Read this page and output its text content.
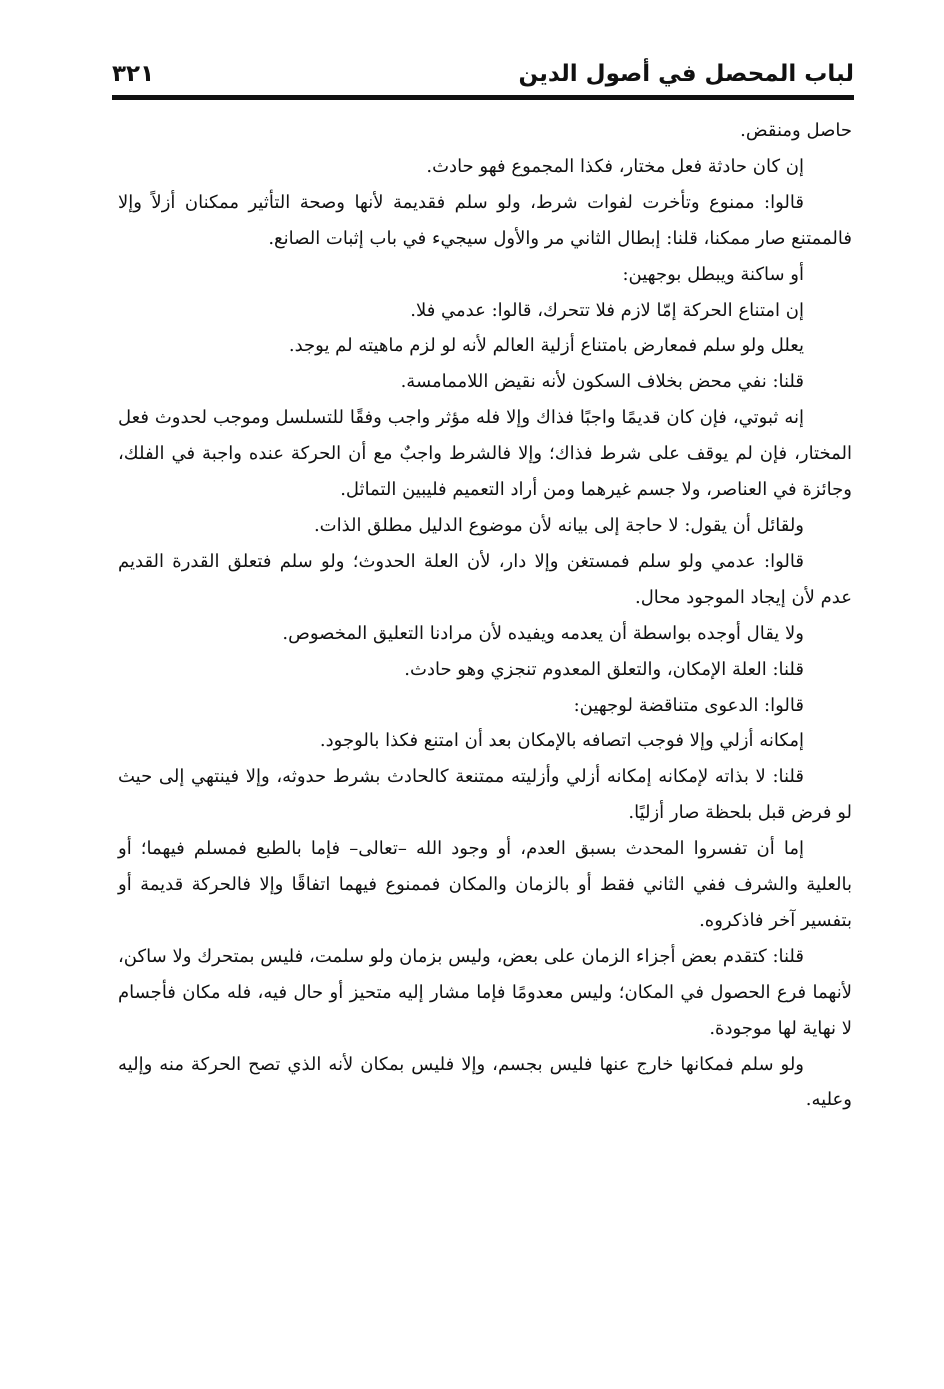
لباب المحصل في أصول الدين
٣٢١

حاصل ومنقض.

إن كان حادثة فعل مختار، فكذا المجموع فهو حادث.

قالوا: ممنوع وتأخرت لفوات شرط، ولو سلم فقديمة لأنها وصحة التأثير ممكنان أزلاً وإلا فالممتنع صار ممكنا، قلنا: إبطال الثاني مر والأول سيجيء في باب إثبات الصانع.

أو ساكنة ويبطل بوجهين:

إن امتناع الحركة إمّا لازم فلا تتحرك، قالوا: عدمي فلا.

يعلل ولو سلم فمعارض بامتناع أزلية العالم لأنه لو لزم ماهيته لم يوجد.

قلنا: نفي محض بخلاف السكون لأنه نقيض اللاممامسة.

إنه ثبوتي، فإن كان قديمًا واجبًا فذاك وإلا فله مؤثر واجب وفقًا للتسلسل وموجب لحدوث فعل المختار، فإن لم يوقف على شرط فذاك؛ وإلا فالشرط واجبٌ مع أن الحركة عنده واجبة في الفلك، وجائزة في العناصر، ولا جسم غيرهما ومن أراد التعميم فليبين التماثل.

ولقائل أن يقول: لا حاجة إلى بيانه لأن موضوع الدليل مطلق الذات.

قالوا: عدمي ولو سلم فمستغن وإلا دار، لأن العلة الحدوث؛ ولو سلم فتعلق القدرة القديم عدم لأن إيجاد الموجود محال.

ولا يقال أوجده بواسطة أن يعدمه ويفيده لأن مرادنا التعليق المخصوص.

قلنا: العلة الإمكان، والتعلق المعدوم تنجزي وهو حادث.

قالوا: الدعوى متناقضة لوجهين:

إمكانه أزلي وإلا فوجب اتصافه بالإمكان بعد أن امتنع فكذا بالوجود.

قلنا: لا بذاته لإمكانه إمكانه أزلي وأزليته ممتنعة كالحادث بشرط حدوثه، وإلا فينتهي إلى حيث لو فرض قبل بلحظة صار أزليًا.

إما أن تفسروا المحدث بسبق العدم، أو وجود الله –تعالى– فإما بالطبع فمسلم فيهما؛ أو بالعلية والشرف ففي الثاني فقط أو بالزمان والمكان فممنوع فيهما اتفاقًا وإلا فالحركة قديمة أو بتفسير آخر فاذكروه.

قلنا: كتقدم بعض أجزاء الزمان على بعض، وليس بزمان ولو سلمت، فليس بمتحرك ولا ساكن، لأنهما فرع الحصول في المكان؛ وليس معدومًا فإما مشار إليه متحيز أو حال فيه، فله مكان فأجسام لا نهاية لها موجودة.

ولو سلم فمكانها خارج عنها فليس بجسم، وإلا فليس بمكان لأنه الذي تصح الحركة منه وإليه وعليه.
